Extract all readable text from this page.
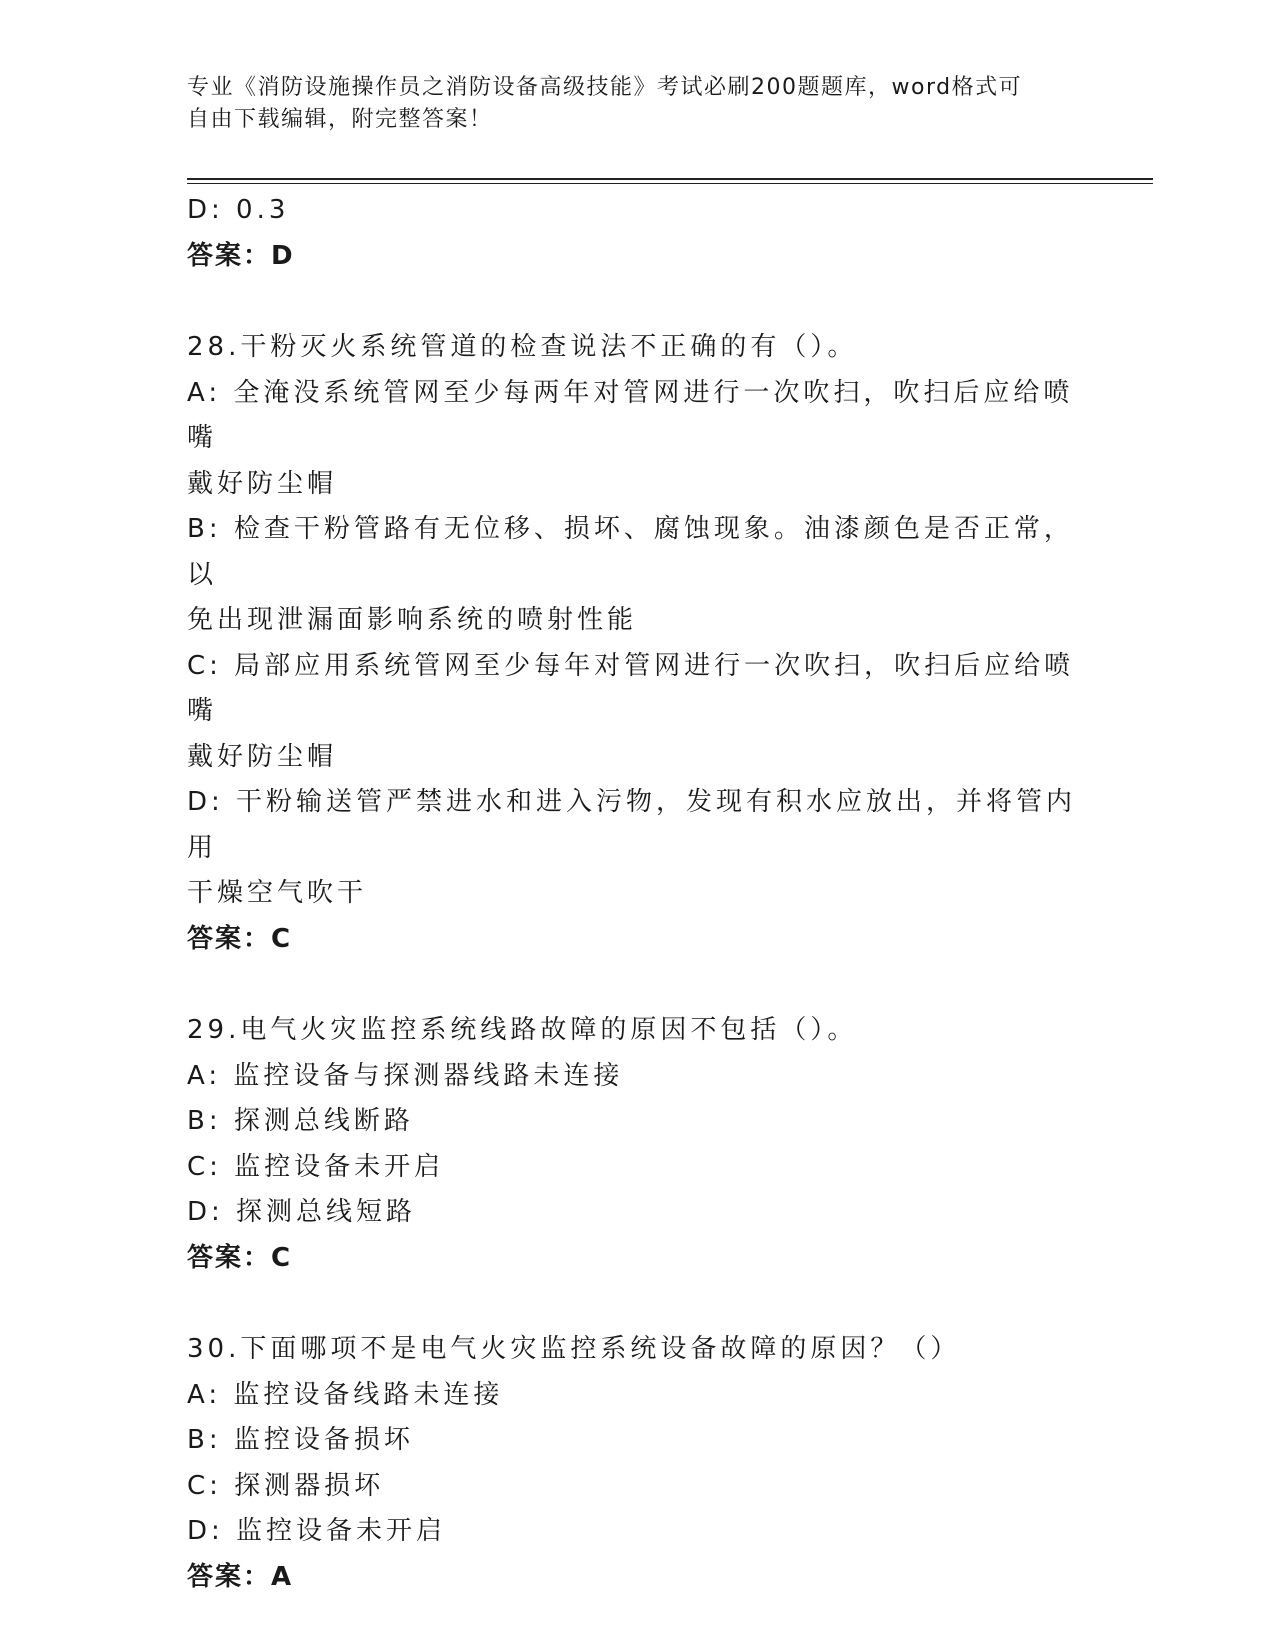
专业《消防设施操作员之消防设备高级技能》考试必刷200题题库，word格式可
自由下载编辑，附完整答案！
D: 0.3
答案：D
28.干粉灭火系统管道的检查说法不正确的有（）。
A: 全淹没系统管网至少每两年对管网进行一次吹扫，吹扫后应给喷嘴
戴好防尘帽
B: 检查干粉管路有无位移、损坏、腐蚀现象。油漆颜色是否正常，以
免出现泄漏面影响系统的喷射性能
C: 局部应用系统管网至少每年对管网进行一次吹扫，吹扫后应给喷嘴
戴好防尘帽
D: 干粉输送管严禁进水和进入污物，发现有积水应放出，并将管内用
干燥空气吹干
答案：C
29.电气火灾监控系统线路故障的原因不包括（）。
A: 监控设备与探测器线路未连接
B: 探测总线断路
C: 监控设备未开启
D: 探测总线短路
答案：C
30.下面哪项不是电气火灾监控系统设备故障的原因？（）
A: 监控设备线路未连接
B: 监控设备损坏
C: 探测器损坏
D: 监控设备未开启
答案：A
